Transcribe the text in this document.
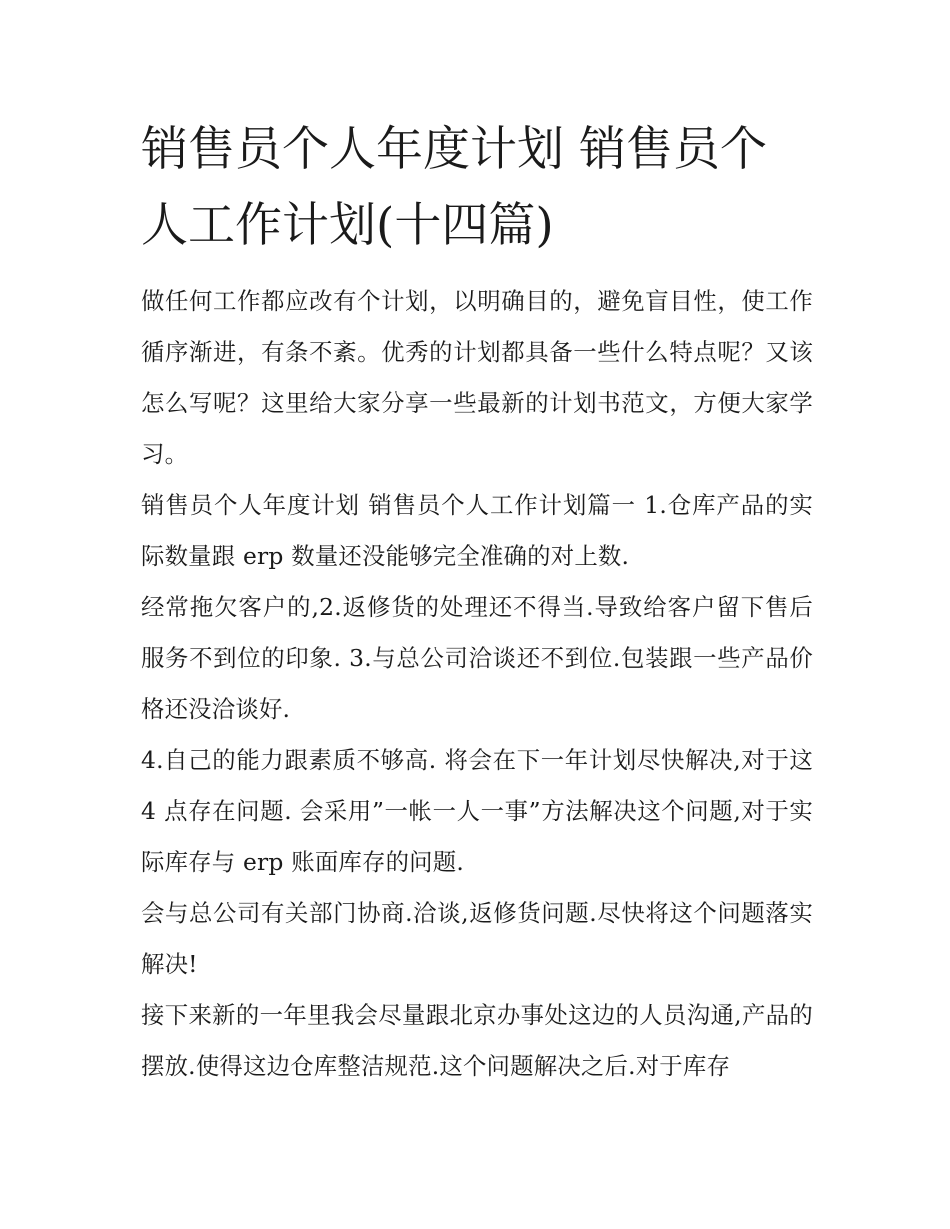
销售员个人年度计划 销售员个人工作计划(十四篇)

做任何工作都应改有个计划，以明确目的，避免盲目性，使工作循序渐进，有条不紊。优秀的计划都具备一些什么特点呢？又该怎么写呢？这里给大家分享一些最新的计划书范文，方便大家学习。

销售员个人年度计划 销售员个人工作计划篇一 1.仓库产品的实际数量跟 erp 数量还没能够完全准确的对上数.

经常拖欠客户的,2.返修货的处理还不得当.导致给客户留下售后服务不到位的印象. 3.与总公司洽谈还不到位.包装跟一些产品价格还没洽谈好.

4.自己的能力跟素质不够高. 将会在下一年计划尽快解决,对于这 4 点存在问题. 会采用”一帐一人一事”方法解决这个问题,对于实际库存与 erp 账面库存的问题.

会与总公司有关部门协商.洽谈,返修货问题.尽快将这个问题落实解决!

接下来新的一年里我会尽量跟北京办事处这边的人员沟通,产品的摆放.使得这边仓库整洁规范.这个问题解决之后.对于库存
